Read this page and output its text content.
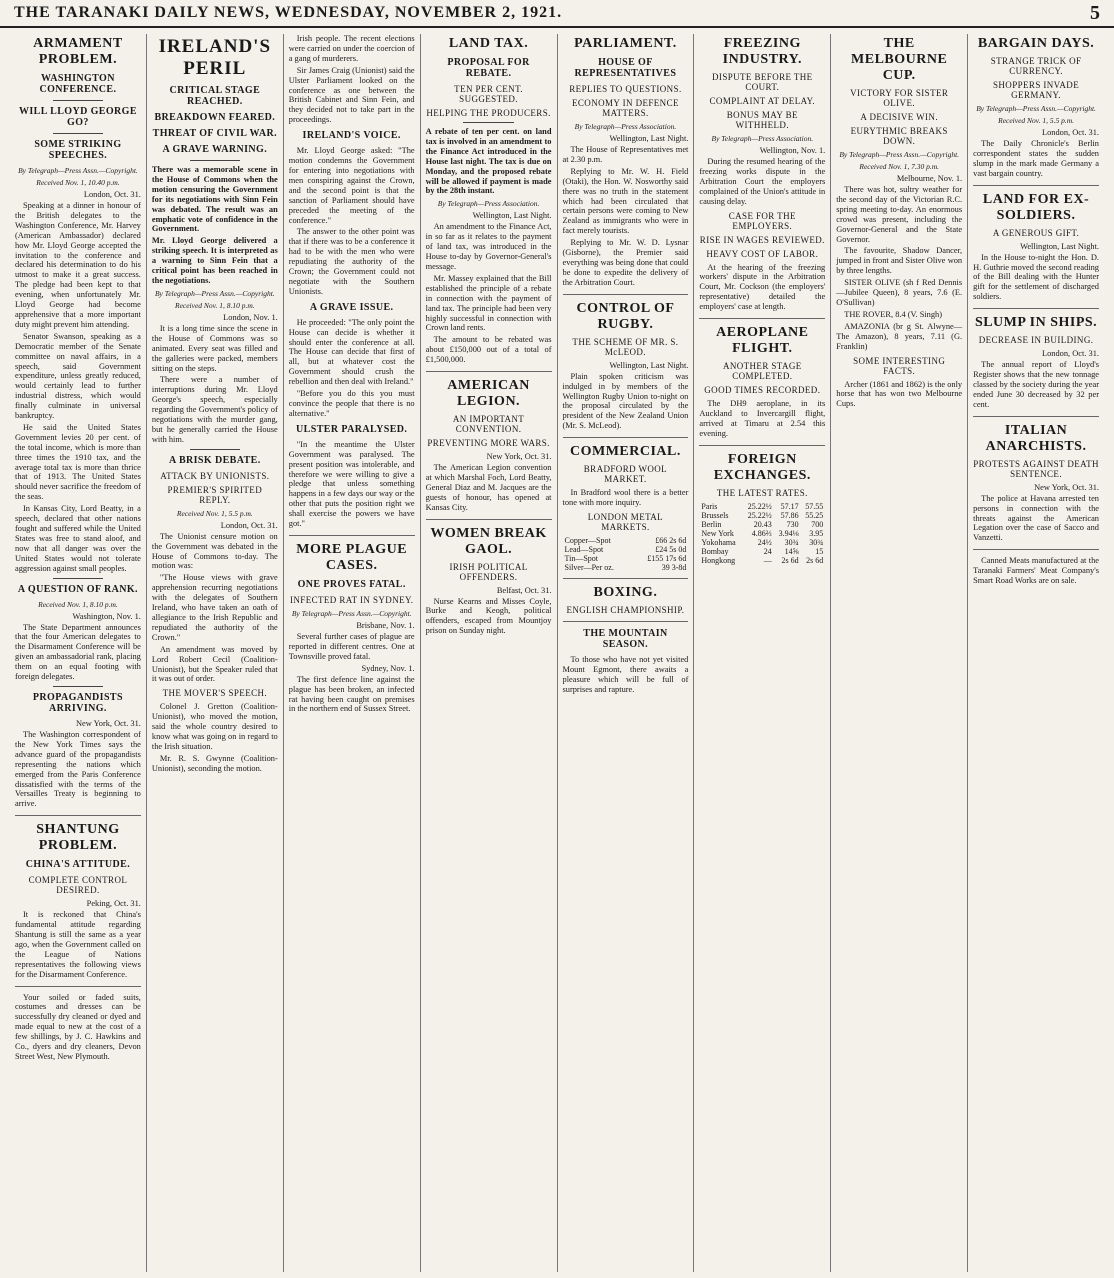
THE TARANAKI DAILY NEWS, WEDNESDAY, NOVEMBER 2, 1921.	5
ARMAMENT PROBLEM.
WASHINGTON CONFERENCE.
WILL LLOYD GEORGE GO?
SOME STRIKING SPEECHES.
By Telegraph—Press Assn.—Copyright.
Received Nov. 1, 10.40 p.m.
London, Oct. 31.

Speaking at a dinner in honour of the British delegates to the Washington Conference, Mr. Harvey (American Ambassador) declared how Mr. Lloyd George accepted the invitation to the conference and declared his determination to do his utmost to make it a great success. The pledge had been kept to that evening, when unfortunately Mr. Lloyd George had become apprehensive that a more important duty might prevent him attending.

Senator Swanson, speaking as a Democratic member of the Senate committee on naval affairs, in a speech, said Government expenditure, unless greatly reduced, would certainly lead to further industrial distress, which would finally culminate in universal bankruptcy.

He said the United States Government levies 20 per cent. of the total income, which is more than three times the 1910 tax, and the average total tax is more than thrice that of 1913. The United States should never sacrifice the freedom of the seas.

In Kansas City, Lord Beatty, in a speech, declared that other nations fought and suffered while the United States was free to stand aloof, and now that all danger was over the United States would not tolerate aggression against small peoples.

A QUESTION OF RANK.
Received Nov. 1, 8.10 p.m.
Washington, Nov. 1.

The State Department announces that the four American delegates to the Disarmament Conference will be given an ambassadorial rank, placing them on an equal footing with foreign delegates.

PROPAGANDISTS ARRIVING.
New York, Oct. 31.

The Washington correspondent of the New York Times says the advance guard of the propagandists representing the nations which emerged from the Paris Conference dissatisfied with the terms of the Versailles Treaty is beginning to arrive.

SHANTUNG PROBLEM.
CHINA'S ATTITUDE.
COMPLETE CONTROL DESIRED.
Peking, Oct. 31.

It is reckoned that China's fundamental attitude regarding Shantung is still the same as a year ago, when the Government called on the League of Nations representatives the following views for the Disarmament Conference.

Your soiled or faded suits, costumes and dresses can be successfully dry cleaned or dyed and made equal to new at the cost of a few shillings, by J. C. Hawkins and Co., dyers and dry cleaners, Devon Street West, New Plymouth.

IRELAND'S PERIL
CRITICAL STAGE REACHED.
BREAKDOWN FEARED.
THREAT OF CIVIL WAR.
A GRAVE WARNING.

There was a memorable scene in the House of Commons when the motion censuring the Government for its negotiations with Sinn Fein was debated. The result was an emphatic vote of confidence in the Government.

Mr. Lloyd George delivered a striking speech. It is interpreted as a warning to Sinn Fein that a critical point has been reached in the negotiations.

By Telegraph—Press Assn.—Copyright.
Received Nov. 1, 8.10 p.m.
London, Nov. 1.

It is a long time since the scene in the House of Commons was so animated. Every seat was filled and the galleries were packed, members sitting on the steps.

There were a number of interruptions during Mr. Lloyd George's speech, especially regarding the Government's policy of negotiations with the murder gang, but he generally carried the House with him.

A BRISK DEBATE.
ATTACK BY UNIONISTS.
PREMIER'S SPIRITED REPLY.
Received Nov. 1, 5.5 p.m.
London, Oct. 31.

The Unionist censure motion on the Government was debated in the House of Commons to-day. The motion was:

"The House views with grave apprehension recurring negotiations with the delegates of Southern Ireland, who have taken an oath of allegiance to the Irish Republic and repudiated the authority of the Crown."

An amendment was moved by Lord Robert Cecil (Coalition-Unionist), but the Speaker ruled that it was out of order.

THE MOVER'S SPEECH.

Colonel J. Gretton (Coalition-Unionist), who moved the motion, said the whole country desired to know what was going on in regard to the Irish situation.

Mr. R. S. Gwynne (Coalition-Unionist), seconding the motion.

Irish people. The recent elections were carried on under the coercion of a gang of murderers.

Sir James Craig (Unionist) said the Ulster Parliament looked on the conference as one between the British Cabinet and Sinn Fein, and they decided not to take part in the proceedings.

IRELAND'S VOICE.

Mr. Lloyd George asked: "The motion condemns the Government for entering into negotiations with men conspiring against the Crown, and the second point is that the sanction of Parliament should have preceded the meeting of the conference."

The answer to the other point was that if there was to be a conference it had to be with the men who were repudiating the authority of the Crown; the Government could not negotiate with the Southern Unionists.

A GRAVE ISSUE.

He proceeded: "The only point the House can decide is whether it should enter the conference at all. The House can decide that first of all, but at whatever cost the Government should crush the rebellion and then deal with Ireland."

"Before you do this you must convince the people that there is no alternative."

ULSTER PARALYSED.

"In the meantime the Ulster Government was paralysed. The present position was intolerable, and therefore we were willing to give a pledge that unless something happens in a few days our way or the other that puts the position right we shall exercise the powers we have got."

MORE PLAGUE CASES.
ONE PROVES FATAL.
INFECTED RAT IN SYDNEY.
By Telegraph—Press Assn.—Copyright.
Brisbane, Nov. 1.

Several further cases of plague are reported in different centres. One at Townsville proved fatal.

Sydney, Nov. 1.

The first defence line against the plague has been broken, an infected rat having been caught on premises in the northern end of Sussex Street.

LAND TAX.
PROPOSAL FOR REBATE.
TEN PER CENT. SUGGESTED.
HELPING THE PRODUCERS.

A rebate of ten per cent. on land tax is involved in an amendment to the Finance Act introduced in the House last night. The tax is due on Monday, and the proposed rebate will be allowed if payment is made by the 28th instant.

By Telegraph—Press Association.
Wellington, Last Night.

An amendment to the Finance Act, in so far as it relates to the payment of land tax, was introduced in the House to-day by Governor-General's message.

Mr. Massey explained that the Bill established the principle of a rebate in connection with the payment of land tax. The principle had been very highly successful in connection with Crown land rents.

The amount to be rebated was about £150,000 out of a total of £1,500,000.

AMERICAN LEGION.
AN IMPORTANT CONVENTION.
PREVENTING MORE WARS.
New York, Oct. 31.

The American Legion convention at which Marshal Foch, Lord Beatty, General Diaz and M. Jacques are the guests of honour, has opened at Kansas City.

WOMEN BREAK GAOL.
IRISH POLITICAL OFFENDERS.
Belfast, Oct. 31.

Nurse Kearns and Misses Coyle, Burke and Keogh, political offenders, escaped from Mountjoy prison on Sunday night.

PARLIAMENT.
HOUSE OF REPRESENTATIVES
REPLIES TO QUESTIONS.
ECONOMY IN DEFENCE MATTERS.
By Telegraph—Press Association.
Wellington, Last Night.

The House of Representatives met at 2.30 p.m.

Replying to Mr. W. H. Field (Otaki), the Hon. W. Nosworthy said there was no truth in the statement which had been circulated that certain persons were coming to New Zealand as immigrants who were in fact merely tourists.

Replying to Mr. W. D. Lysnar (Gisborne), the Premier said everything was being done that could be done to expedite the delivery of the Arbitration Court.

CONTROL OF RUGBY.
THE SCHEME OF MR. S. McLEOD.
Wellington, Last Night.

Plain spoken criticism was indulged in by members of the Wellington Rugby Union to-night on the proposal circulated by the president of the New Zealand Union (Mr. S. McLeod).

COMMERCIAL.
BRADFORD WOOL MARKET.

In Bradford wool there is a better tone with more inquiry.

LONDON METAL MARKETS.
Copper—Spot	£66 2s 6d
Lead—Spot	£24 5s 0d
Tin—Spot	£155 17s 6d
Silver—Per oz.	39 3-8d
BOXING.
ENGLISH CHAMPIONSHIP.
THE MOUNTAIN SEASON.

To those who have not yet visited Mount Egmont, there awaits a pleasure which will be full of surprises and rapture.

FREEZING INDUSTRY.
DISPUTE BEFORE THE COURT.
COMPLAINT AT DELAY.
BONUS MAY BE WITHHELD.
By Telegraph—Press Association.
Wellington, Nov. 1.

During the resumed hearing of the freezing works dispute in the Arbitration Court the employers complained of the Union's attitude in causing delay.

CASE FOR THE EMPLOYERS.
RISE IN WAGES REVIEWED.
HEAVY COST OF LABOR.

At the hearing of the freezing workers' dispute in the Arbitration Court, Mr. Cockson (the employers' representative) detailed the employers' case at length.

AEROPLANE FLIGHT.
ANOTHER STAGE COMPLETED.
GOOD TIMES RECORDED.

The DH9 aeroplane, in its Auckland to Invercargill flight, arrived at Timaru at 2.54 this evening.

FOREIGN EXCHANGES.
THE LATEST RATES.
Paris	25.22½	57.17	57.55
Brussels	25.22½	57.86	55.25
Berlin	20.43	730	700
New York	4.86⅔	3.94⅛	3.95
Yokohama	24½	30¾	30¾
Bombay	24	14⅝	15
Hongkong	—	2s 6d	2s 6d
THE MELBOURNE CUP.
VICTORY FOR SISTER OLIVE.
A DECISIVE WIN.
EURYTHMIC BREAKS DOWN.
By Telegraph—Press Assn.—Copyright.
Received Nov. 1, 7.30 p.m.
Melbourne, Nov. 1.

There was hot, sultry weather for the second day of the Victorian R.C. spring meeting to-day. An enormous crowd was present, including the Governor-General and the State Governor.

The favourite, Shadow Dancer, jumped in front and Sister Olive won by three lengths.

SISTER OLIVE (sh f Red Dennis—Jubilee Queen), 8 years, 7.6 (E. O'Sullivan)

THE ROVER, 8.4 (V. Singh)

AMAZONIA (br g St. Alwyne—The Amazon), 8 years, 7.11 (G. Franklin)

SOME INTERESTING FACTS.

Archer (1861 and 1862) is the only horse that has won two Melbourne Cups.

BARGAIN DAYS.
STRANGE TRICK OF CURRENCY.
SHOPPERS INVADE GERMANY.
By Telegraph—Press Assn.—Copyright.
Received Nov. 1, 5.5 p.m.
London, Oct. 31.

The Daily Chronicle's Berlin correspondent states the sudden slump in the mark made Germany a vast bargain country.

LAND FOR EX-SOLDIERS.
A GENEROUS GIFT.
Wellington, Last Night.

In the House to-night the Hon. D. H. Guthrie moved the second reading of the Bill dealing with the Hunter gift for the settlement of discharged soldiers.

SLUMP IN SHIPS.
DECREASE IN BUILDING.
London, Oct. 31.

The annual report of Lloyd's Register shows that the new tonnage classed by the society during the year ended June 30 decreased by 32 per cent.

ITALIAN ANARCHISTS.
PROTESTS AGAINST DEATH SENTENCE.
New York, Oct. 31.

The police at Havana arrested ten persons in connection with the threats against the American Legation over the case of Sacco and Vanzetti.

Canned Meats manufactured at the Taranaki Farmers' Meat Company's Smart Road Works are on sale.
